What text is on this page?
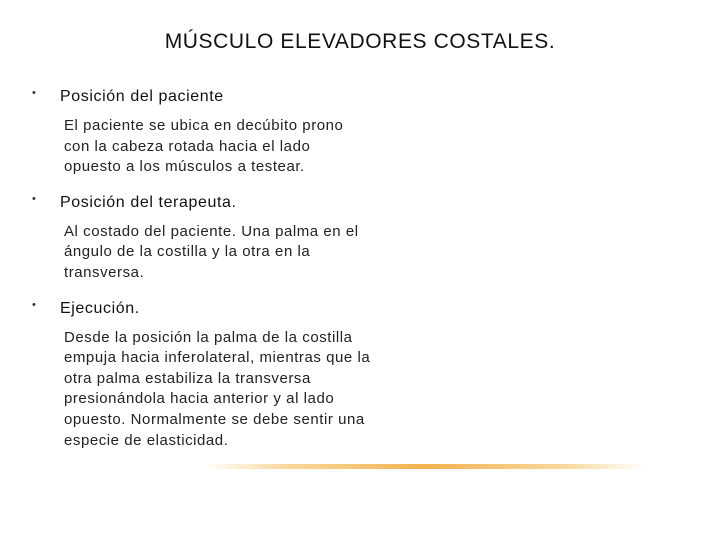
MÚSCULO ELEVADORES COSTALES.
• Posición del paciente

El paciente se ubica en decúbito prono con la cabeza rotada hacia el lado opuesto a los músculos a testear.

• Posición del terapeuta.

Al costado del paciente. Una palma en el ángulo de la costilla y la otra en la transversa.

• Ejecución.

Desde la posición la palma de la costilla empuja hacia inferolateral, mientras que la otra palma estabiliza la transversa presionándola hacia anterior y al lado opuesto. Normalmente se debe sentir una especie de elasticidad.
